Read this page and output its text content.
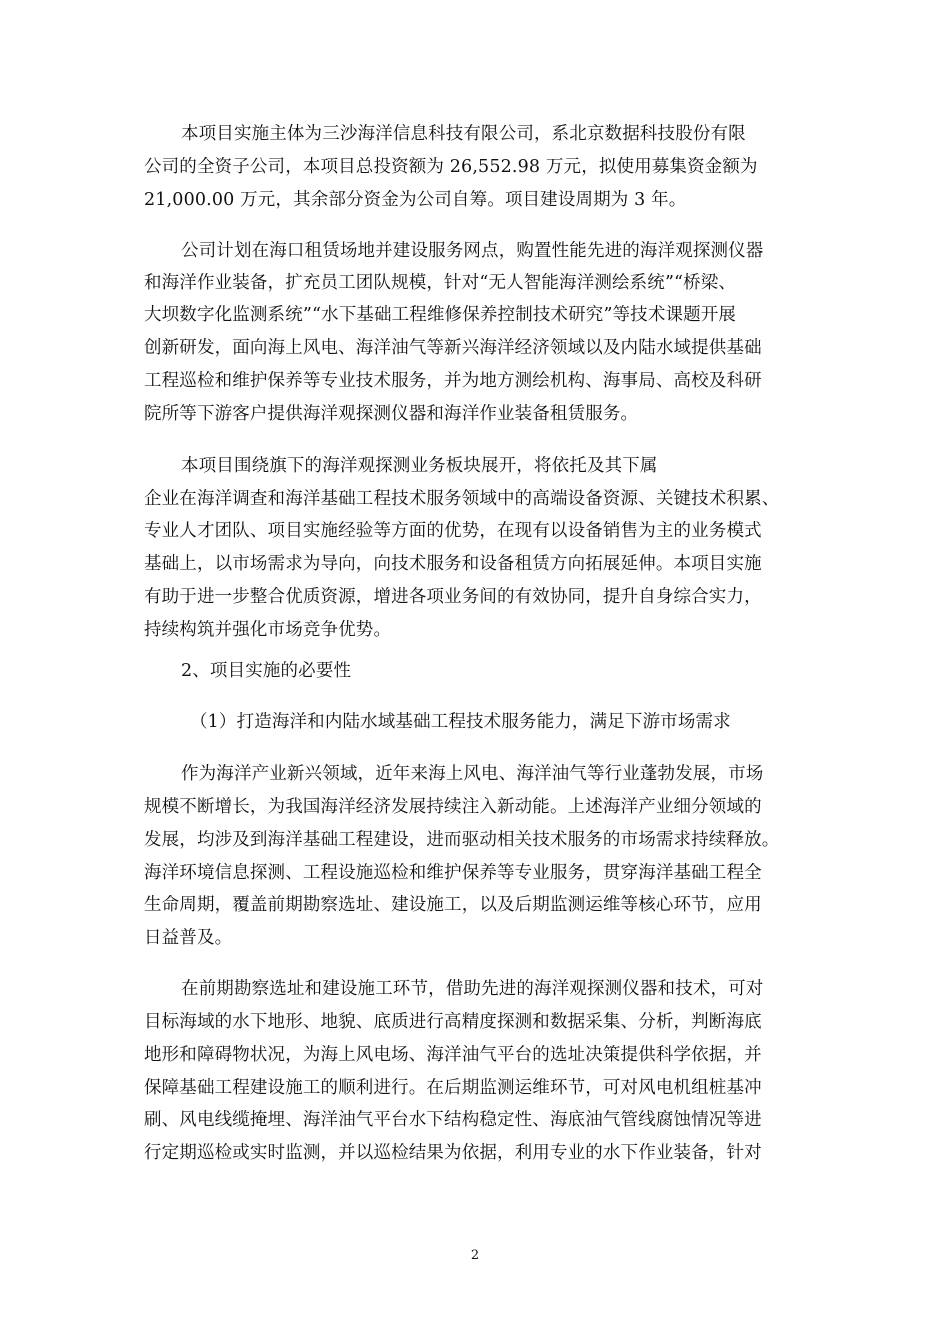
本项目实施主体为三沙海洋信息科技有限公司，系北京数据科技股份有限
公司的全资子公司，本项目总投资额为 26,552.98 万元，拟使用募集资金额为
21,000.00 万元，其余部分资金为公司自筹。项目建设周期为 3 年。
公司计划在海口租赁场地并建设服务网点，购置性能先进的海洋观探测仪器
和海洋作业装备，扩充员工团队规模，针对“无人智能海洋测绘系统”“桥梁、
大坝数字化监测系统”“水下基础工程维修保养控制技术研究”等技术课题开展
创新研发，面向海上风电、海洋油气等新兴海洋经济领域以及内陆水域提供基础
工程巡检和维护保养等专业技术服务，并为地方测绘机构、海事局、高校及科研
院所等下游客户提供海洋观探测仪器和海洋作业装备租赁服务。
本项目围绕旗下的海洋观探测业务板块展开，将依托及其下属
企业在海洋调查和海洋基础工程技术服务领域中的高端设备资源、关键技术积累、
专业人才团队、项目实施经验等方面的优势，在现有以设备销售为主的业务模式
基础上，以市场需求为导向，向技术服务和设备租赁方向拓展延伸。本项目实施
有助于进一步整合优质资源，增进各项业务间的有效协同，提升自身综合实力，
持续构筑并强化市场竞争优势。
2、项目实施的必要性
（1）打造海洋和内陆水域基础工程技术服务能力，满足下游市场需求
作为海洋产业新兴领域，近年来海上风电、海洋油气等行业蓬勃发展，市场
规模不断增长，为我国海洋经济发展持续注入新动能。上述海洋产业细分领域的
发展，均涉及到海洋基础工程建设，进而驱动相关技术服务的市场需求持续释放。
海洋环境信息探测、工程设施巡检和维护保养等专业服务，贯穿海洋基础工程全
生命周期，覆盖前期勘察选址、建设施工，以及后期监测运维等核心环节，应用
日益普及。
在前期勘察选址和建设施工环节，借助先进的海洋观探测仪器和技术，可对
目标海域的水下地形、地貌、底质进行高精度探测和数据采集、分析，判断海底
地形和障碍物状况，为海上风电场、海洋油气平台的选址决策提供科学依据，并
保障基础工程建设施工的顺利进行。在后期监测运维环节，可对风电机组桩基冲
刷、风电线缆掩埋、海洋油气平台水下结构稳定性、海底油气管线腐蚀情况等进
行定期巡检或实时监测，并以巡检结果为依据，利用专业的水下作业装备，针对
2
